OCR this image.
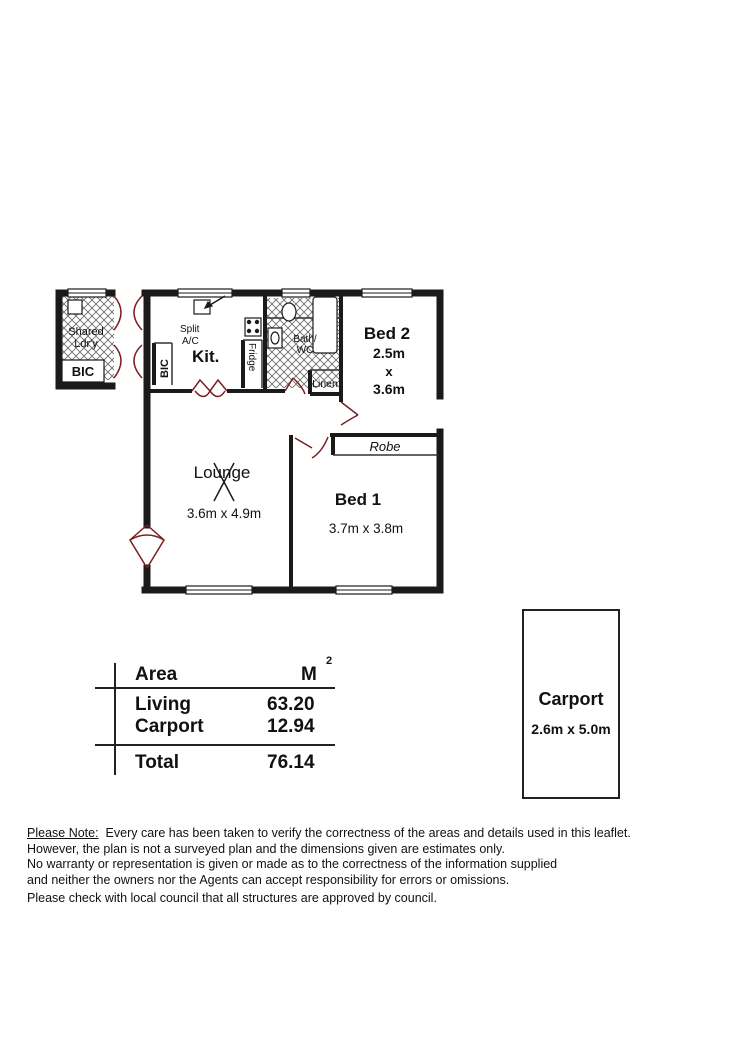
Shared
Ldr'y
BIC
Split
A/C
Kit.
BIC	Fridge
Bath/
WC
Linen
Bed 2
2.5m
x
3.6m
Robe
Lounge
3.6m x 4.9m
Bed 1
3.7m x 3.8m
Area	M
2
Living	63.20
Carport	12.94
Total	76.14
Carport
2.6m x 5.0m
Please Note:  Every care has been taken to verify the correctness of the areas and details used in this leaflet.
However, the plan is not a surveyed plan and the dimensions given are estimates only.
No warranty or representation is given or made as to the correctness of the information supplied
and neither the owners nor the Agents can accept responsibility for errors or omissions.
Please check with local council that all structures are approved by council.
